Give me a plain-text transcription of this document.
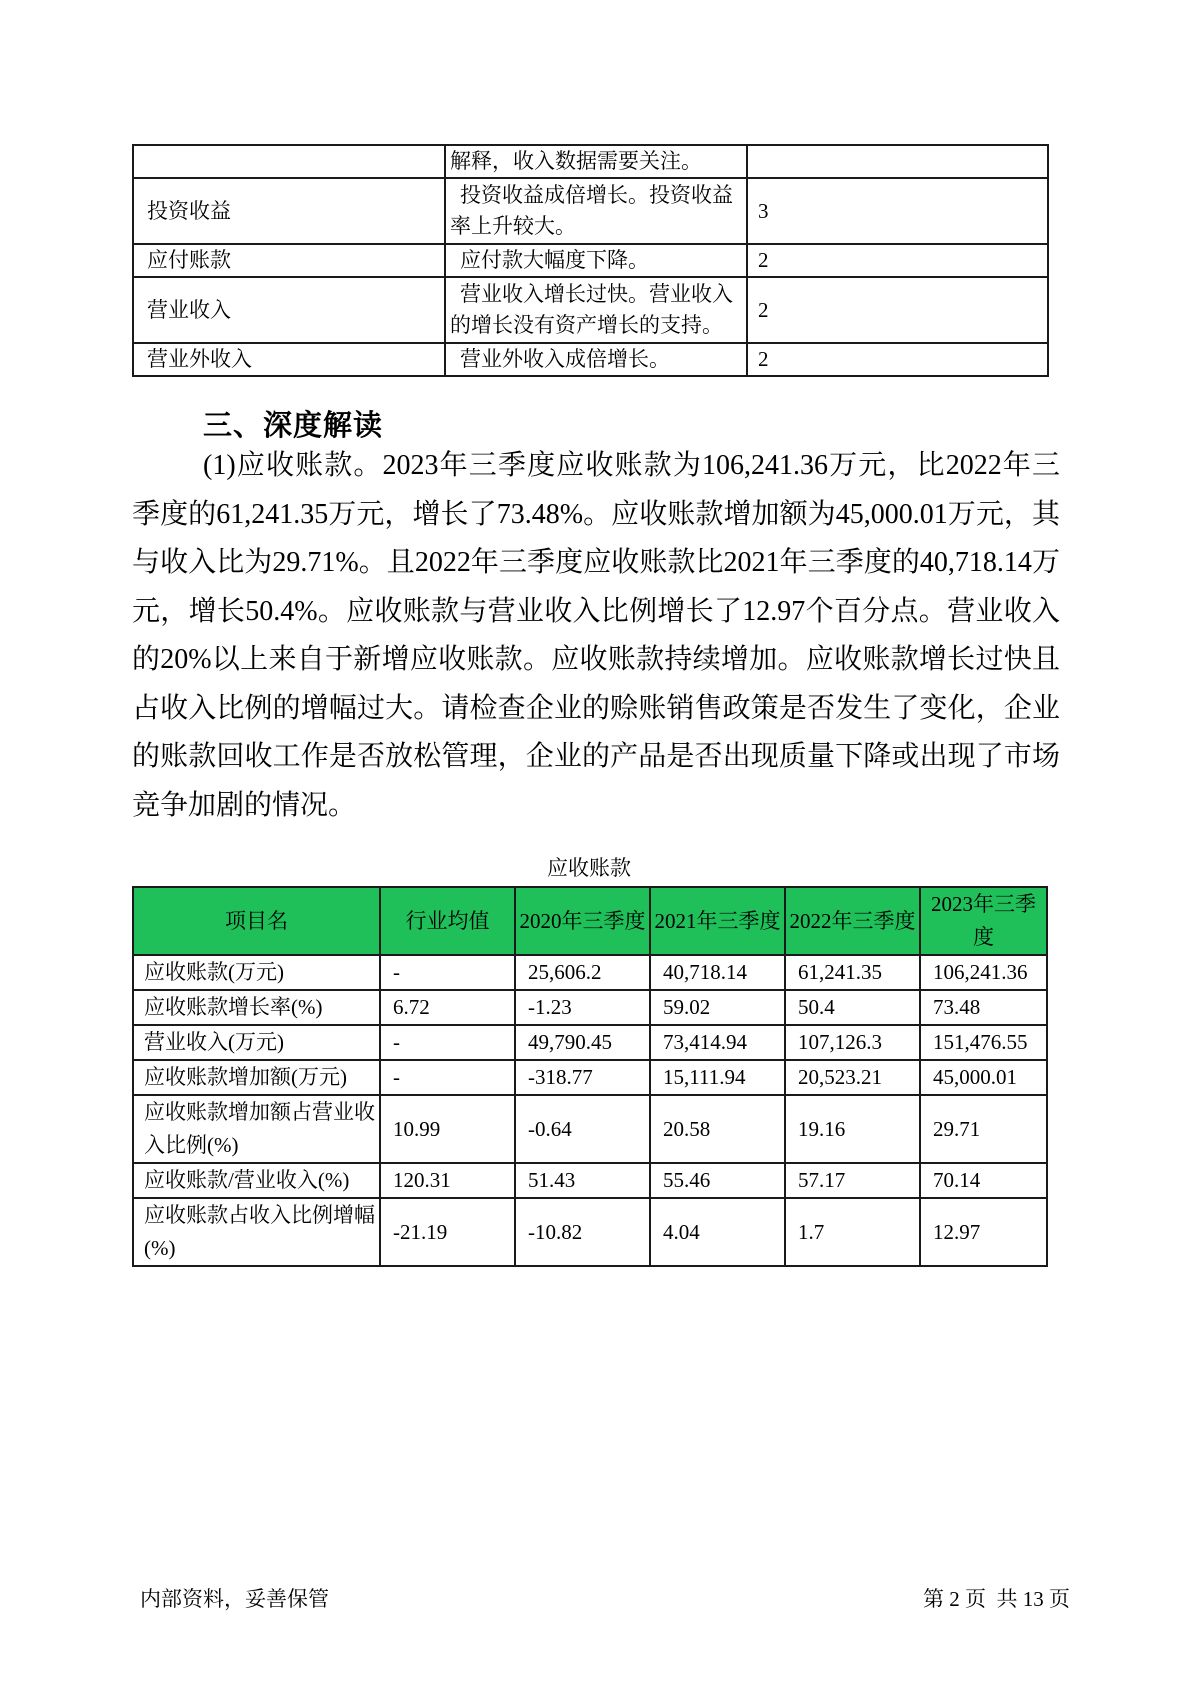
	解释，收入数据需要关注。	
投资收益	投资收益成倍增长。投资收益率上升较大。	3
应付账款	应付款大幅度下降。	2
营业收入	营业收入增长过快。营业收入的增长没有资产增长的支持。	2
营业外收入	营业外收入成倍增长。	2
三、深度解读
(1)应收账款。2023年三季度应收账款为106,241.36万元，比2022年三季度的61,241.35万元，增长了73.48%。应收账款增加额为45,000.01万元，其与收入比为29.71%。且2022年三季度应收账款比2021年三季度的40,718.14万元，增长50.4%。应收账款与营业收入比例增长了12.97个百分点。营业收入的20%以上来自于新增应收账款。应收账款持续增加。应收账款增长过快且占收入比例的增幅过大。请检查企业的赊账销售政策是否发生了变化，企业的账款回收工作是否放松管理，企业的产品是否出现质量下降或出现了市场竞争加剧的情况。
应收账款
项目名	行业均值	2020年三季度	2021年三季度	2022年三季度	2023年三季度
应收账款(万元)	-	25,606.2	40,718.14	61,241.35	106,241.36
应收账款增长率(%)	6.72	-1.23	59.02	50.4	73.48
营业收入(万元)	-	49,790.45	73,414.94	107,126.3	151,476.55
应收账款增加额(万元)	-	-318.77	15,111.94	20,523.21	45,000.01
应收账款增加额占营业收入比例(%)	10.99	-0.64	20.58	19.16	29.71
应收账款/营业收入(%)	120.31	51.43	55.46	57.17	70.14
应收账款占收入比例增幅(%)	-21.19	-10.82	4.04	1.7	12.97
内部资料，妥善保管	第 2 页  共 13 页
